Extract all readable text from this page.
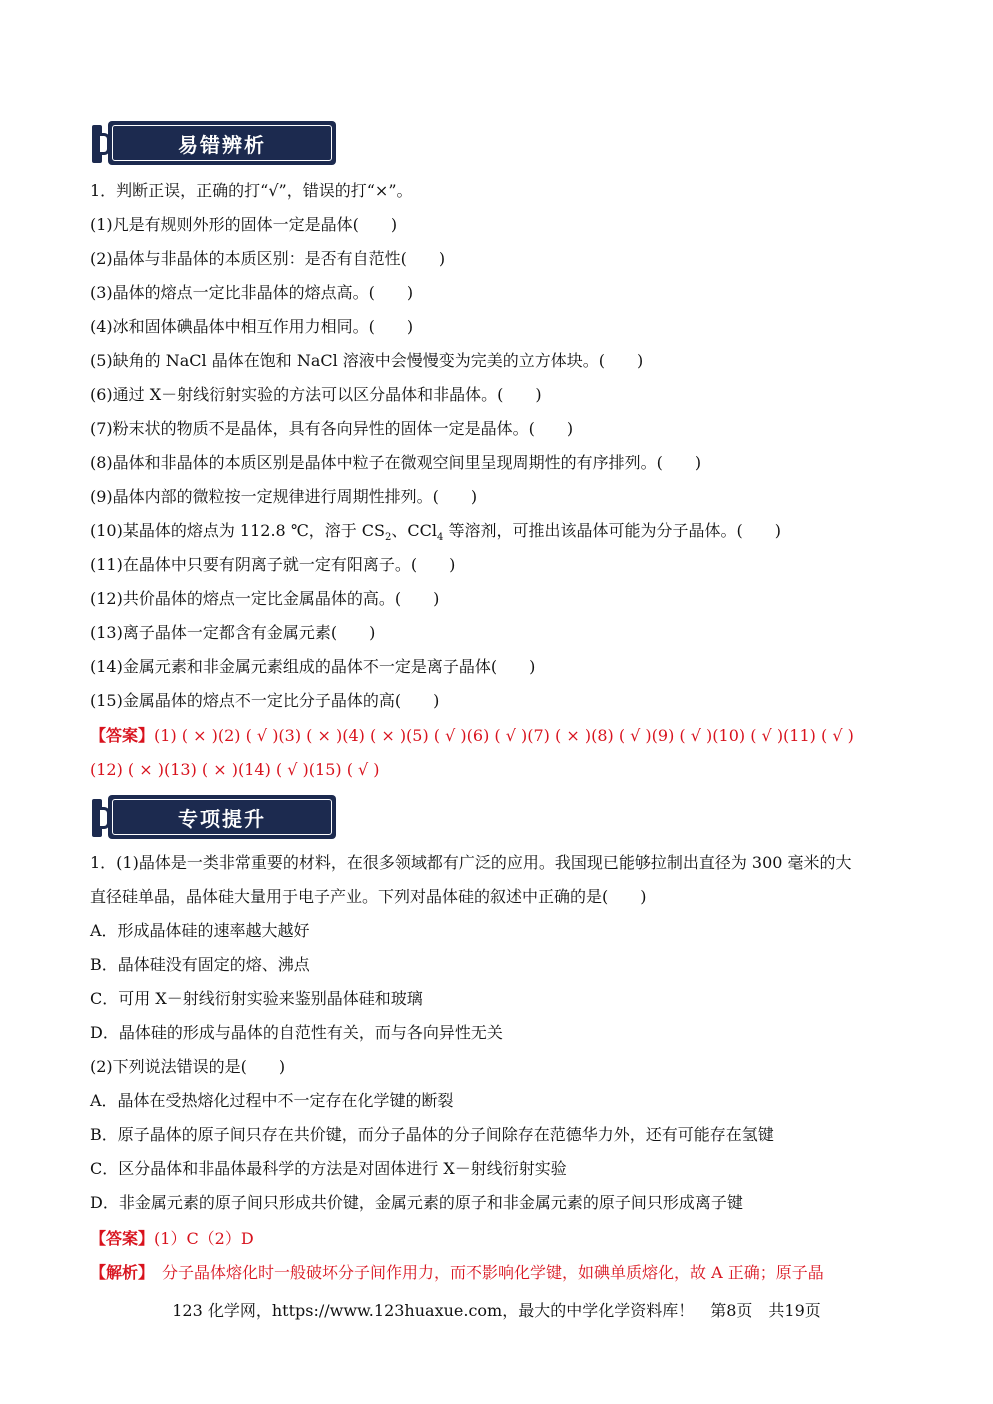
易错辨析
1．判断正误，正确的打“√”，错误的打“×”。
(1)凡是有规则外形的固体一定是晶体(　　)
(2)晶体与非晶体的本质区别：是否有自范性(　　)
(3)晶体的熔点一定比非晶体的熔点高。(　　)
(4)冰和固体碘晶体中相互作用力相同。(　　)
(5)缺角的 NaCl 晶体在饱和 NaCl 溶液中会慢慢变为完美的立方体块。(　　)
(6)通过 X－射线衍射实验的方法可以区分晶体和非晶体。(　　)
(7)粉末状的物质不是晶体，具有各向异性的固体一定是晶体。(　　)
(8)晶体和非晶体的本质区别是晶体中粒子在微观空间里呈现周期性的有序排列。(　　)
(9)晶体内部的微粒按一定规律进行周期性排列。(　　)
(10)某晶体的熔点为 112.8 ℃，溶于 $CS_2$、CCl$_4$ 等溶剂，可推出该晶体可能为分子晶体。(　　)
(11)在晶体中只要有阴离子就一定有阳离子。(　　)
(12)共价晶体的熔点一定比金属晶体的高。(　　)
(13)离子晶体一定都含有金属元素(　　)
(14)金属元素和非金属元素组成的晶体不一定是离子晶体(　　)
(15)金属晶体的熔点不一定比分子晶体的高(　　)
【答案】(1) ( × )(2) ( √ )(3) ( × )(4) ( × )(5) ( √ )(6) ( √ )(7) ( × )(8) ( √ )(9) ( √ )(10) ( √ )(11) ( √ )
(12) ( × )(13) ( × )(14) ( √ )(15) ( √ )
专项提升
1．(1)晶体是一类非常重要的材料，在很多领域都有广泛的应用。我国现已能够拉制出直径为 300 毫米的大
直径硅单晶，晶体硅大量用于电子产业。下列对晶体硅的叙述中正确的是(　　)
A．形成晶体硅的速率越大越好
B．晶体硅没有固定的熔、沸点
C．可用 X－射线衍射实验来鉴别晶体硅和玻璃
D．晶体硅的形成与晶体的自范性有关，而与各向异性无关
(2)下列说法错误的是(　　)
A．晶体在受热熔化过程中不一定存在化学键的断裂
B．原子晶体的原子间只存在共价键，而分子晶体的分子间除存在范德华力外，还有可能存在氢键
C．区分晶体和非晶体最科学的方法是对固体进行 X－射线衍射实验
D．非金属元素的原子间只形成共价键，金属元素的原子和非金属元素的原子间只形成离子键
【答案】(1）C（2）D
【解析】　分子晶体熔化时一般破坏分子间作用力，而不影响化学键，如碘单质熔化，故 A 正确；原子晶
123 化学网，https://www.123huaxue.com，最大的中学化学资料库！　第8页　共19页
